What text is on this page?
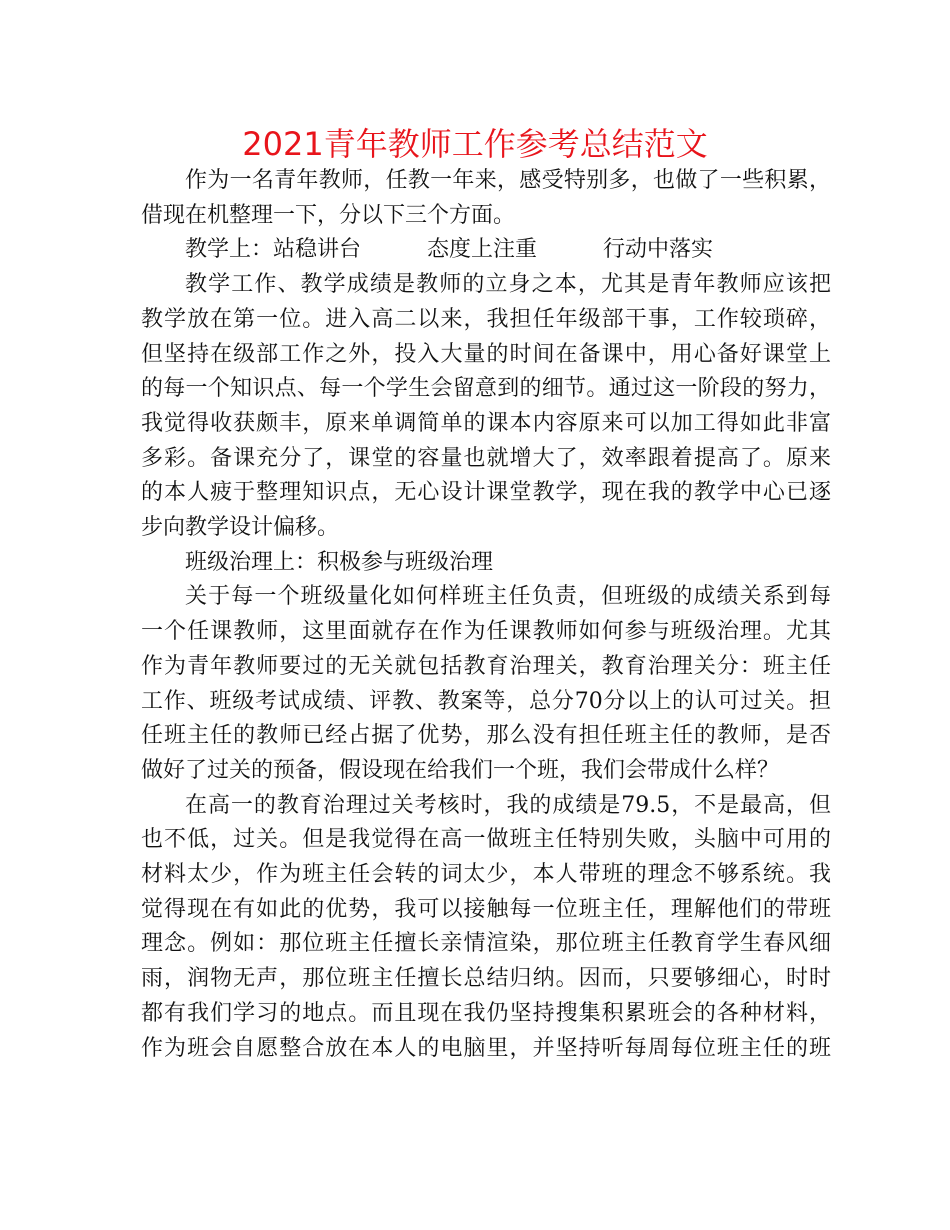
2021青年教师工作参考总结范文
作为一名青年教师，任教一年来，感受特别多，也做了一些积累，
借现在机整理一下，分以下三个方面。
教学上：站稳讲台　　　态度上注重　　　行动中落实
教学工作、教学成绩是教师的立身之本，尤其是青年教师应该把
教学放在第一位。进入高二以来，我担任年级部干事，工作较琐碎，
但坚持在级部工作之外，投入大量的时间在备课中，用心备好课堂上
的每一个知识点、每一个学生会留意到的细节。通过这一阶段的努力，
我觉得收获颇丰，原来单调简单的课本内容原来可以加工得如此非富
多彩。备课充分了，课堂的容量也就增大了，效率跟着提高了。原来
的本人疲于整理知识点，无心设计课堂教学，现在我的教学中心已逐
步向教学设计偏移。
班级治理上：积极参与班级治理
关于每一个班级量化如何样班主任负责，但班级的成绩关系到每
一个任课教师，这里面就存在作为任课教师如何参与班级治理。尤其
作为青年教师要过的无关就包括教育治理关，教育治理关分：班主任
工作、班级考试成绩、评教、教案等，总分70分以上的认可过关。担
任班主任的教师已经占据了优势，那么没有担任班主任的教师，是否
做好了过关的预备，假设现在给我们一个班，我们会带成什么样？
在高一的教育治理过关考核时，我的成绩是79.5，不是最高，但
也不低，过关。但是我觉得在高一做班主任特别失败，头脑中可用的
材料太少，作为班主任会转的词太少，本人带班的理念不够系统。我
觉得现在有如此的优势，我可以接触每一位班主任，理解他们的带班
理念。例如：那位班主任擅长亲情渲染，那位班主任教育学生春风细
雨，润物无声，那位班主任擅长总结归纳。因而，只要够细心，时时
都有我们学习的地点。而且现在我仍坚持搜集积累班会的各种材料，
作为班会自愿整合放在本人的电脑里，并坚持听每周每位班主任的班
